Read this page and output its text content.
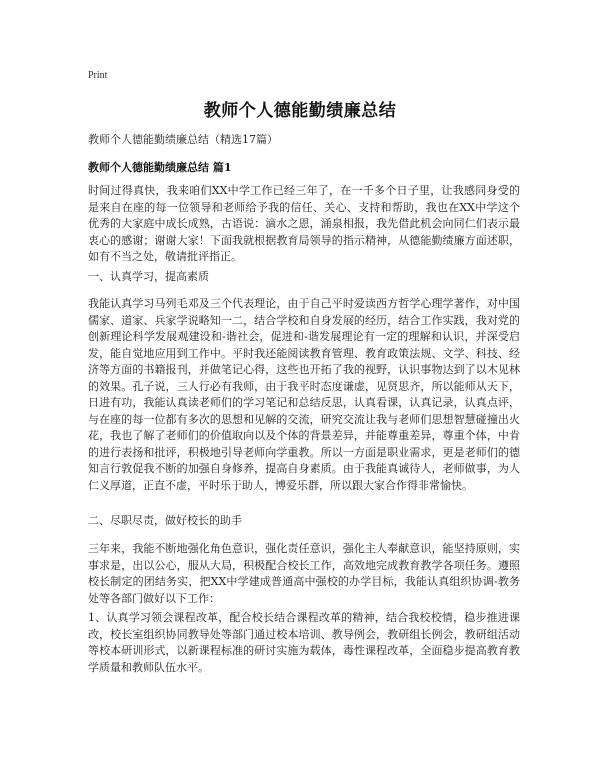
Print
教师个人德能勤绩廉总结
教师个人德能勤绩廉总结（精选17篇）
教师个人德能勤绩廉总结 篇1

时间过得真快，我来咱们XX中学工作已经三年了，在一千多个日子里，让我感同身受的是来自在座的每一位领导和老师给予我的信任、关心、支持和帮助，我也在XX中学这个优秀的大家庭中成长成熟，古语说：滴水之恩，涌泉相报，我先借此机会向同仁们表示最衷心的感谢；谢谢大家！下面我就根据教育局领导的指示精神，从德能勤绩廉方面述职，如有不当之处，敬请批评指正。

一、认真学习，提高素质

我能认真学习马列毛邓及三个代表理论，由于自己平时爱读西方哲学心理学著作，对中国儒家、道家、兵家学说略知一二，结合学校和自身发展的经历，结合工作实践，我对党的创新理论科学发展观建设和-谐社会，促进和-谐发展理论有一定的理解和认识，并深受启发，能自觉地应用到工作中。平时我还能阅读教育管理、教育政策法规、文学、科技、经济等方面的书籍报刊，并做笔记心得，这些也开拓了我的视野，认识事物达到了以木见林的效果。孔子说，三人行必有我师，由于我平时态度谦虚，见贤思齐，所以能师从天下，日进有功，我能认真读老师们的学习笔记和总结反思，认真看课，认真记录，认真点评，与在座的每一位都有多次的思想和见解的交流，研究交流让我与老师们思想智慧碰撞出火花，我也了解了老师们的价值取向以及个体的背景差异，并能尊重差异，尊重个体，中肯的进行表扬和批评，积极地引导老师向学重教。所以一方面是职业需求，更是老师们的德知言行敦促我不断的加强自身修养，提高自身素质。由于我能真诚待人，老师做事，为人仁义厚道，正直不虚，平时乐于助人，博爱乐群，所以跟大家合作得非常愉快。

二、尽职尽责，做好校长的助手

三年来，我能不断地强化角色意识，强化责任意识，强化主人奉献意识，能坚持原则，实事求是，出以公心，服从大局，积极配合校长工作，高效地完成教育教学各项任务。遵照校长制定的团结务实，把XX中学建成普通高中强校的办学目标，我能认真组织协调-教务处等各部门做好以下工作：

1、认真学习领会课程改革，配合校长结合课程改革的精神，结合我校校情，稳步推进课改，校长室组织协同教导处等部门通过校本培训、教导例会，教研组长例会，教研组活动等校本研训形式，以新课程标准的研讨实施为载体，毒性课程改革，全面稳步提高教育教学质量和教师队伍水平。
